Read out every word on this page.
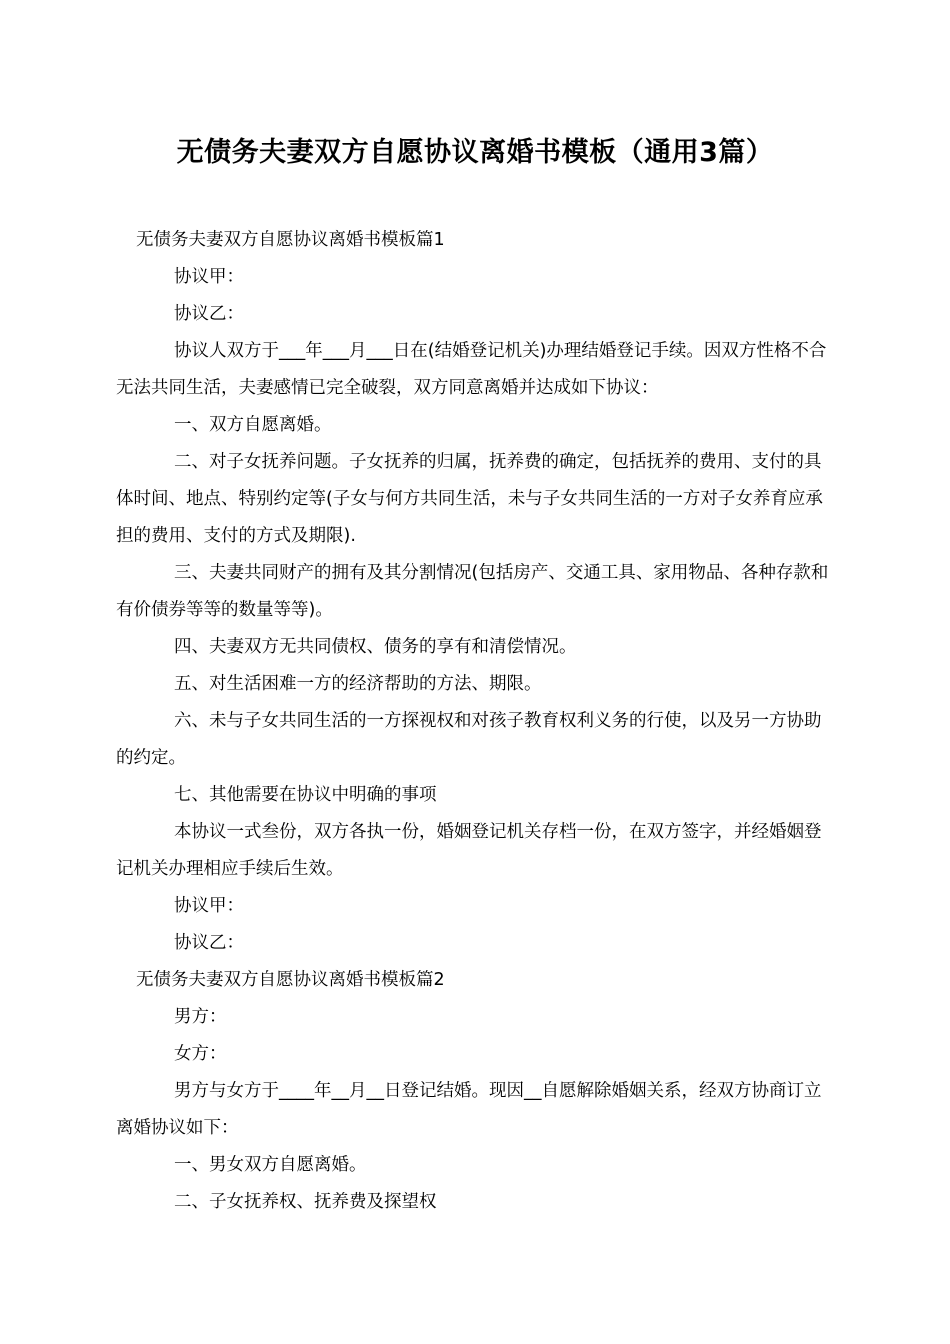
无债务夫妻双方自愿协议离婚书模板（通用3篇）

无债务夫妻双方自愿协议离婚书模板篇1

协议甲：

协议乙：

协议人双方于___年___月___日在(结婚登记机关)办理结婚登记手续。因双方性格不合无法共同生活，夫妻感情已完全破裂，双方同意离婚并达成如下协议：

一、双方自愿离婚。

二、对子女抚养问题。子女抚养的归属，抚养费的确定，包括抚养的费用、支付的具体时间、地点、特别约定等(子女与何方共同生活，未与子女共同生活的一方对子女养育应承担的费用、支付的方式及期限).

三、夫妻共同财产的拥有及其分割情况(包括房产、交通工具、家用物品、各种存款和有价债券等等的数量等等)。

四、夫妻双方无共同债权、债务的享有和清偿情况。

五、对生活困难一方的经济帮助的方法、期限。

六、未与子女共同生活的一方探视权和对孩子教育权利义务的行使，以及另一方协助的约定。

七、其他需要在协议中明确的事项

本协议一式叁份，双方各执一份，婚姻登记机关存档一份，在双方签字，并经婚姻登记机关办理相应手续后生效。

协议甲：

协议乙：

无债务夫妻双方自愿协议离婚书模板篇2

男方：

女方：

男方与女方于____年__月__日登记结婚。现因__自愿解除婚姻关系，经双方协商订立离婚协议如下：

一、男女双方自愿离婚。

二、子女抚养权、抚养费及探望权
